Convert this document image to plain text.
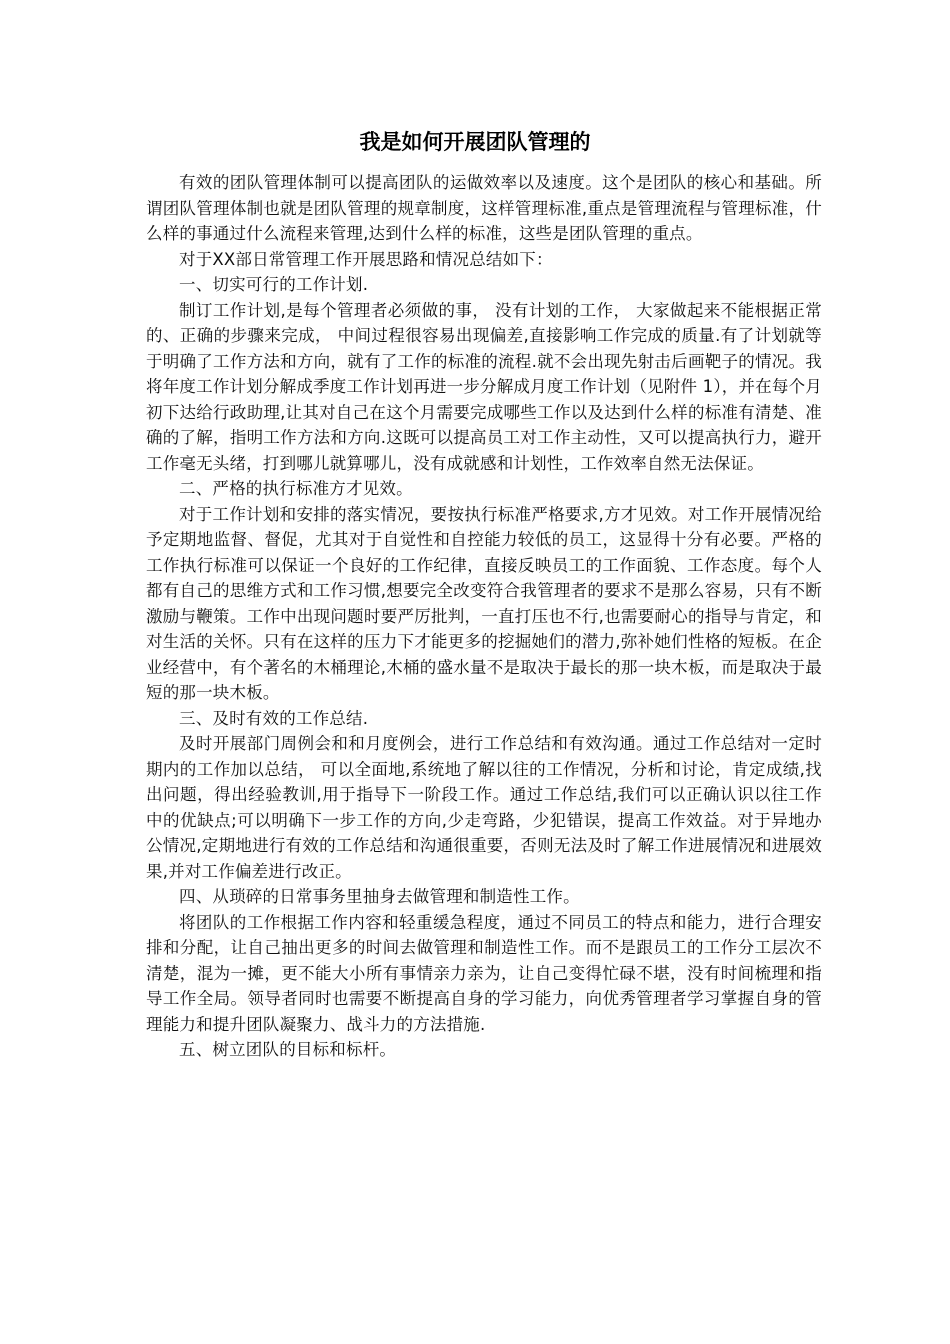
我是如何开展团队管理的

有效的团队管理体制可以提高团队的运做效率以及速度。这个是团队的核心和基础。所谓团队管理体制也就是团队管理的规章制度，这样管理标准,重点是管理流程与管理标准，什么样的事通过什么流程来管理,达到什么样的标准，这些是团队管理的重点。

对于XX部日常管理工作开展思路和情况总结如下：

一、切实可行的工作计划.

制订工作计划,是每个管理者必须做的事， 没有计划的工作， 大家做起来不能根据正常的、正确的步骤来完成， 中间过程很容易出现偏差,直接影响工作完成的质量.有了计划就等于明确了工作方法和方向，就有了工作的标准的流程.就不会出现先射击后画靶子的情况。我将年度工作计划分解成季度工作计划再进一步分解成月度工作计划（见附件 1），并在每个月初下达给行政助理,让其对自己在这个月需要完成哪些工作以及达到什么样的标准有清楚、准确的了解，指明工作方法和方向.这既可以提高员工对工作主动性，又可以提高执行力，避开工作毫无头绪，打到哪儿就算哪儿，没有成就感和计划性，工作效率自然无法保证。

二、严格的执行标准方才见效。

对于工作计划和安排的落实情况，要按执行标准严格要求,方才见效。对工作开展情况给予定期地监督、督促，尤其对于自觉性和自控能力较低的员工，这显得十分有必要。严格的工作执行标准可以保证一个良好的工作纪律，直接反映员工的工作面貌、工作态度。每个人都有自己的思维方式和工作习惯,想要完全改变符合我管理者的要求不是那么容易，只有不断激励与鞭策。工作中出现问题时要严厉批判，一直打压也不行,也需要耐心的指导与肯定，和对生活的关怀。只有在这样的压力下才能更多的挖掘她们的潜力,弥补她们性格的短板。在企业经营中，有个著名的木桶理论,木桶的盛水量不是取决于最长的那一块木板，而是取决于最短的那一块木板。

三、及时有效的工作总结.

及时开展部门周例会和和月度例会，进行工作总结和有效沟通。通过工作总结对一定时期内的工作加以总结， 可以全面地,系统地了解以往的工作情况，分析和讨论，肯定成绩,找出问题，得出经验教训,用于指导下一阶段工作。通过工作总结,我们可以正确认识以往工作中的优缺点;可以明确下一步工作的方向,少走弯路，少犯错误，提高工作效益。对于异地办公情况,定期地进行有效的工作总结和沟通很重要，否则无法及时了解工作进展情况和进展效果,并对工作偏差进行改正。

四、从琐碎的日常事务里抽身去做管理和制造性工作。

将团队的工作根据工作内容和轻重缓急程度，通过不同员工的特点和能力，进行合理安排和分配，让自己抽出更多的时间去做管理和制造性工作。而不是跟员工的工作分工层次不清楚，混为一摊，更不能大小所有事情亲力亲为，让自己变得忙碌不堪，没有时间梳理和指导工作全局。领导者同时也需要不断提高自身的学习能力，向优秀管理者学习掌握自身的管理能力和提升团队凝聚力、战斗力的方法措施.

五、树立团队的目标和标杆。
